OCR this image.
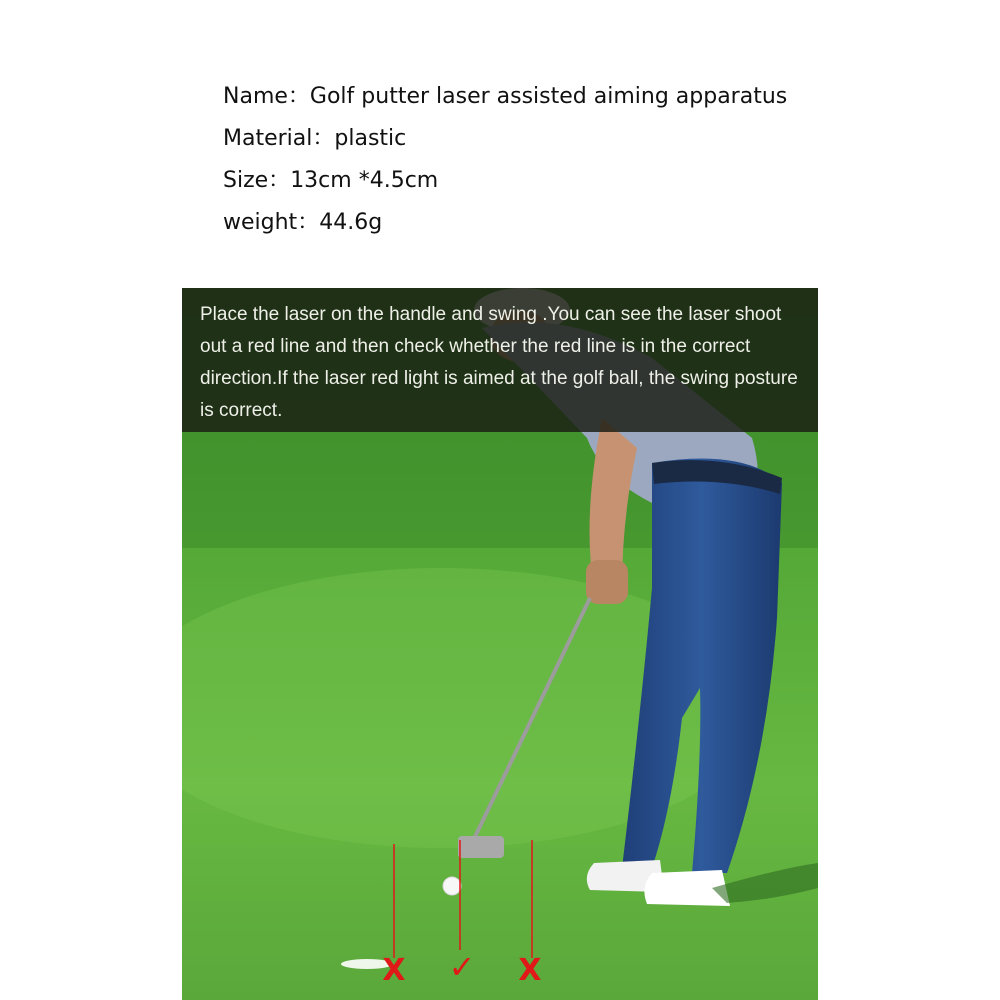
Name：Golf putter laser assisted aiming apparatus
Material：plastic
Size：13cm *4.5cm
weight：44.6g
X ✓ X

Place the laser on the handle and swing .You can see the laser shoot out a red line and then check whether the red line is in the correct direction.If the laser red light is aimed at the golf ball, the swing posture is correct.
